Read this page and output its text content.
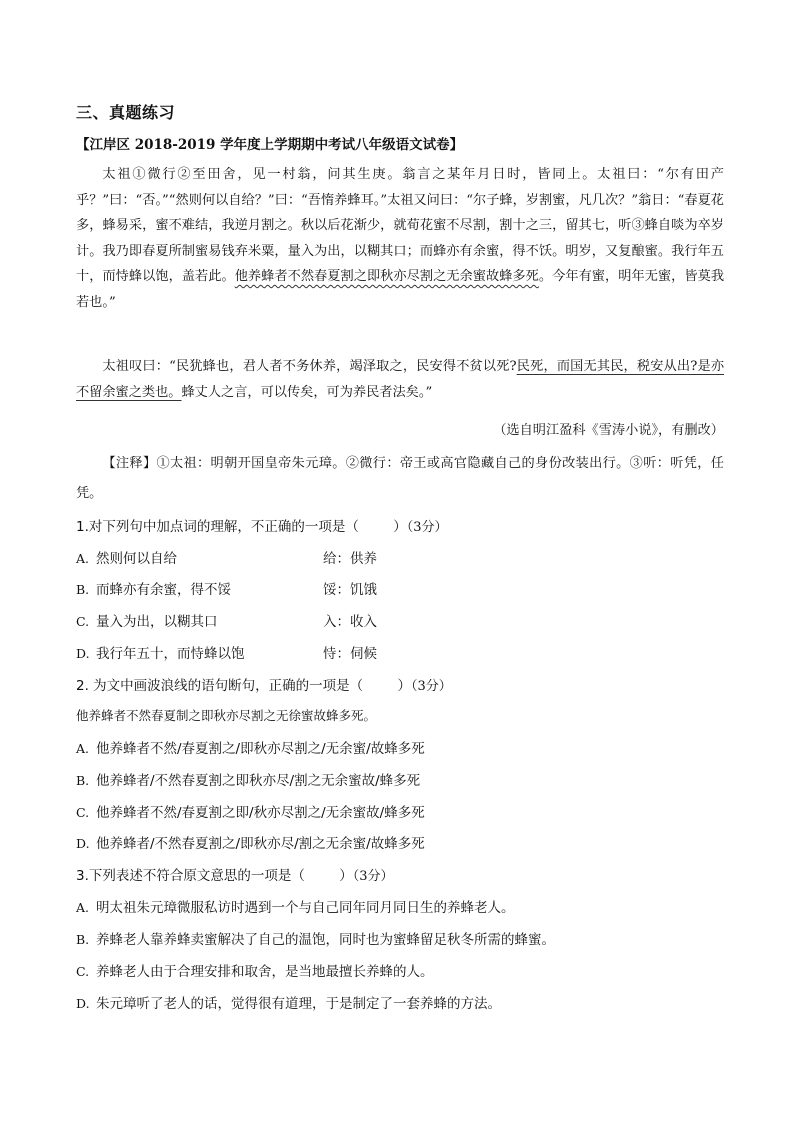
三、真题练习
【江岸区 2018-2019 学年度上学期期中考试八年级语文试卷】
太祖①微行②至田舍，见一村翁，问其生庚。翁言之某年月日时，皆同上。太祖曰：“尔有田产乎？”曰：“否。”“然则何以自给？”曰：“吾惰养蜂耳。”太祖又问曰：“尔子蜂，岁割蜜，凡几次？”翁日：“春夏花多，蜂易采，蜜不难结，我逆月割之。秋以后花渐少，就荀花蜜不尽割，割十之三，留其七，听③蜂自啖为卒岁计。我乃即春夏所制蜜易钱弃米粟，量入为出，以糊其口；而蜂亦有余蜜，得不饫。明岁，又复酿蜜。我行年五十，而恃蜂以饱，盖若此。他养蜂者不然春夏割之即秋亦尽割之无余蜜故蜂多死。今年有蜜，明年无蜜，皆莫我若也。”
太祖叹曰：“民犹蜂也，君人者不务休养，竭泽取之，民安得不贫以死?民死，而国无其民，税安从出?是亦不留余蜜之类也。蜂丈人之言，可以传矣，可为养民者法矣。”
（选自明江盈科《雪涛小说》，有删改）
【注释】①太祖：明朝开国皇帝朱元璋。②微行：帝王或高官隐藏自己的身份改装出行。③听：听凭，任凭。
1.对下列句中加点词的理解，不正确的一项是（        ）（3分）
A. 然则何以自给	给：供养
B. 而蜂亦有余蜜，得不馁	馁：饥饿
C. 量入为出，以糊其口	入：收入
D. 我行年五十，而恃蜂以饱	恃：伺候
2. 为文中画波浪线的语句断句，正确的一项是（        ）（3分）
他养蜂者不然春夏制之即秋亦尽割之无徐蜜故蜂多死。
A. 他养蜂者不然/春夏割之/即秋亦尽割之/无余蜜/故蜂多死
B. 他养蜂者/不然春夏割之即秋亦尽/割之无余蜜故/蜂多死
C. 他养蜂者不然/春夏割之即/秋亦尽割之/无余蜜故/蜂多死
D. 他养蜂者/不然春夏割之/即秋亦尽/割之无余蜜/故蜂多死
3.下列表述不符合原文意思的一项是（        ）（3分）
A. 明太祖朱元璋微服私访时遇到一个与自己同年同月同日生的养蜂老人。
B. 养蜂老人靠养蜂卖蜜解决了自己的温饱，同时也为蜜蜂留足秋冬所需的蜂蜜。
C. 养蜂老人由于合理安排和取舍，是当地最擅长养蜂的人。
D. 朱元璋听了老人的话，觉得很有道理，于是制定了一套养蜂的方法。
